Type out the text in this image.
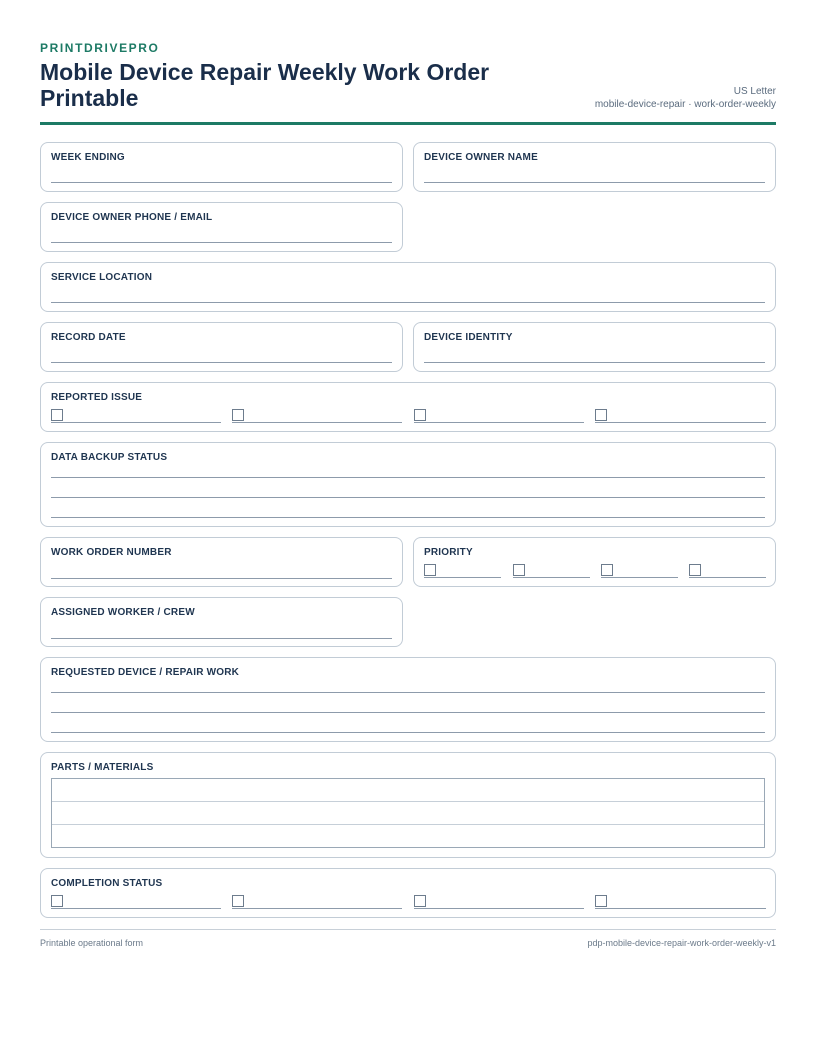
PRINTDRIVEPRO
Mobile Device Repair Weekly Work Order Printable	US Letter
mobile-device-repair · work-order-weekly
WEEK ENDING	DEVICE OWNER NAME
DEVICE OWNER PHONE / EMAIL
SERVICE LOCATION
RECORD DATE	DEVICE IDENTITY
REPORTED ISSUE
DATA BACKUP STATUS
WORK ORDER NUMBER	PRIORITY
ASSIGNED WORKER / CREW
REQUESTED DEVICE / REPAIR WORK
PARTS / MATERIALS
COMPLETION STATUS
Printable operational form	pdp-mobile-device-repair-work-order-weekly-v1
